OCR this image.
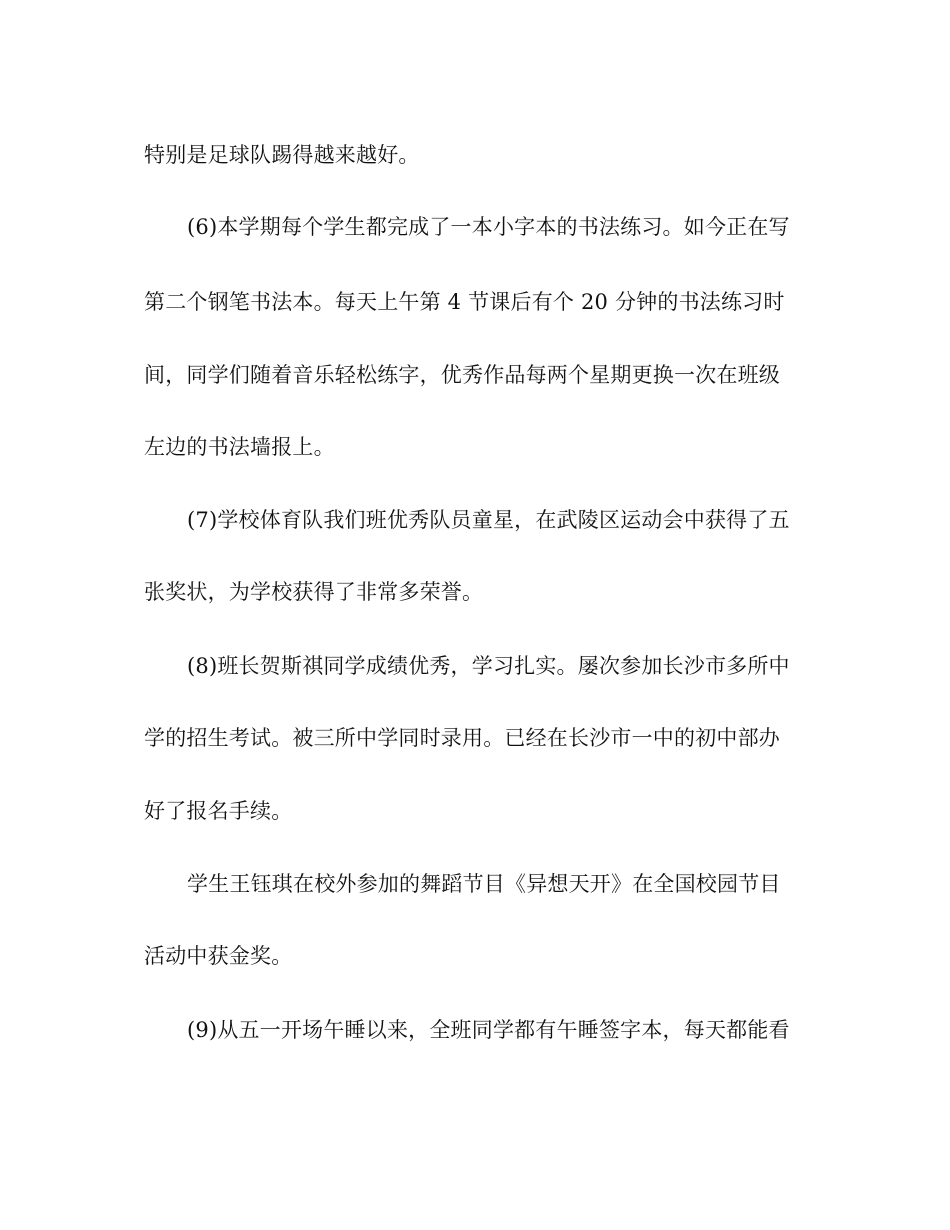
特别是足球队踢得越来越好。

(6)本学期每个学生都完成了一本小字本的书法练习。如今正在写

第二个钢笔书法本。每天上午第 4 节课后有个 20 分钟的书法练习时

间，同学们随着音乐轻松练字，优秀作品每两个星期更换一次在班级

左边的书法墙报上。

(7)学校体育队我们班优秀队员童星，在武陵区运动会中获得了五

张奖状，为学校获得了非常多荣誉。

(8)班长贺斯祺同学成绩优秀，学习扎实。屡次参加长沙市多所中

学的招生考试。被三所中学同时录用。已经在长沙市一中的初中部办

好了报名手续。

学生王钰琪在校外参加的舞蹈节目《异想天开》在全国校园节目

活动中获金奖。

(9)从五一开场午睡以来，全班同学都有午睡签字本，每天都能看
